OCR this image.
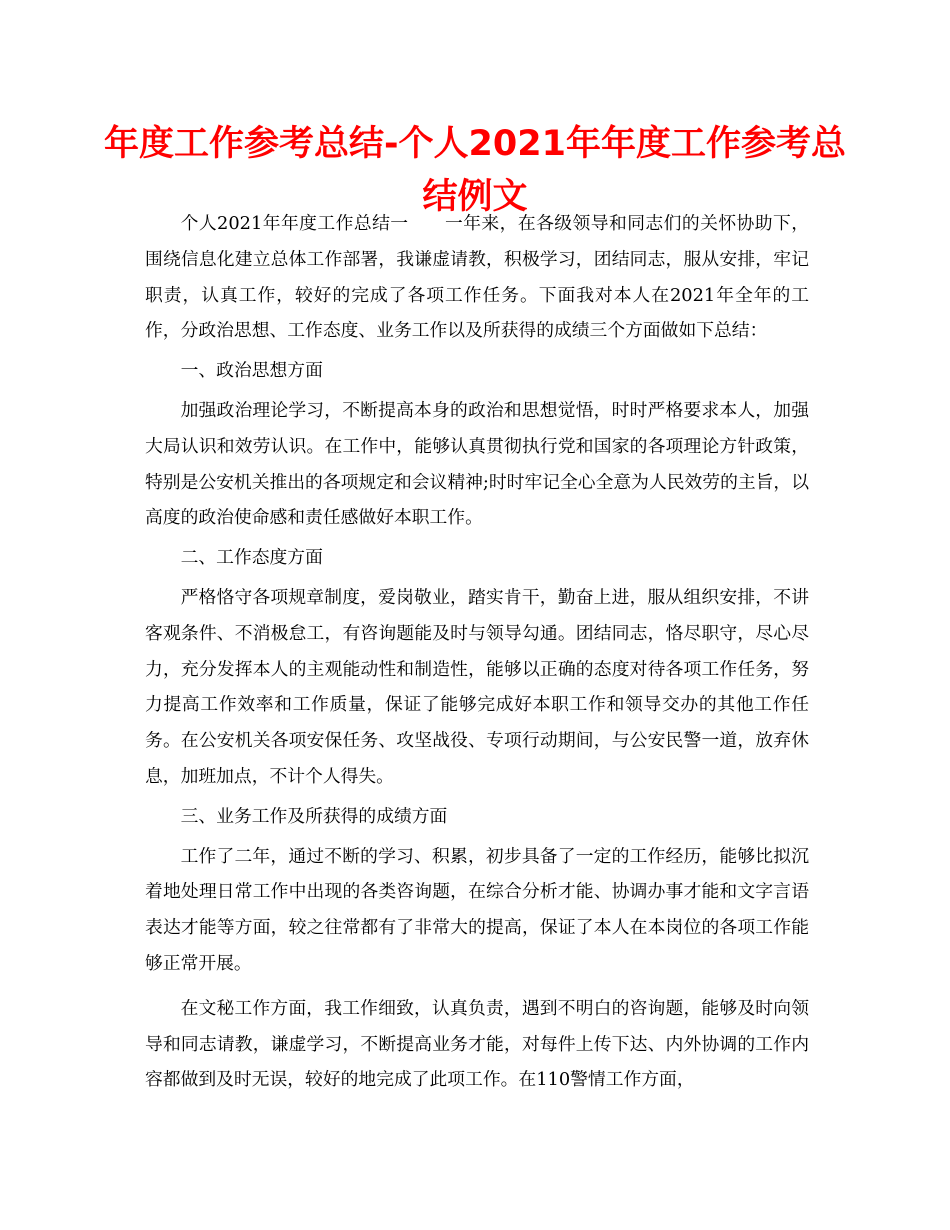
年度工作参考总结-个人2021年年度工作参考总结例文

个人2021年年度工作总结一　　一年来，在各级领导和同志们的关怀协助下，围绕信息化建立总体工作部署，我谦虚请教，积极学习，团结同志，服从安排，牢记职责，认真工作，较好的完成了各项工作任务。下面我对本人在2021年全年的工作，分政治思想、工作态度、业务工作以及所获得的成绩三个方面做如下总结：

一、政治思想方面

加强政治理论学习，不断提高本身的政治和思想觉悟，时时严格要求本人，加强大局认识和效劳认识。在工作中，能够认真贯彻执行党和国家的各项理论方针政策，特别是公安机关推出的各项规定和会议精神;时时牢记全心全意为人民效劳的主旨，以高度的政治使命感和责任感做好本职工作。

二、工作态度方面

严格恪守各项规章制度，爱岗敬业，踏实肯干，勤奋上进，服从组织安排，不讲客观条件、不消极怠工，有咨询题能及时与领导勾通。团结同志，恪尽职守，尽心尽力，充分发挥本人的主观能动性和制造性，能够以正确的态度对待各项工作任务，努力提高工作效率和工作质量，保证了能够完成好本职工作和领导交办的其他工作任务。在公安机关各项安保任务、攻坚战役、专项行动期间，与公安民警一道，放弃休息，加班加点，不计个人得失。

三、业务工作及所获得的成绩方面

工作了二年，通过不断的学习、积累，初步具备了一定的工作经历，能够比拟沉着地处理日常工作中出现的各类咨询题，在综合分析才能、协调办事才能和文字言语表达才能等方面，较之往常都有了非常大的提高，保证了本人在本岗位的各项工作能够正常开展。

在文秘工作方面，我工作细致，认真负责，遇到不明白的咨询题，能够及时向领导和同志请教，谦虚学习，不断提高业务才能，对每件上传下达、内外协调的工作内容都做到及时无误，较好的地完成了此项工作。在110警情工作方面，
